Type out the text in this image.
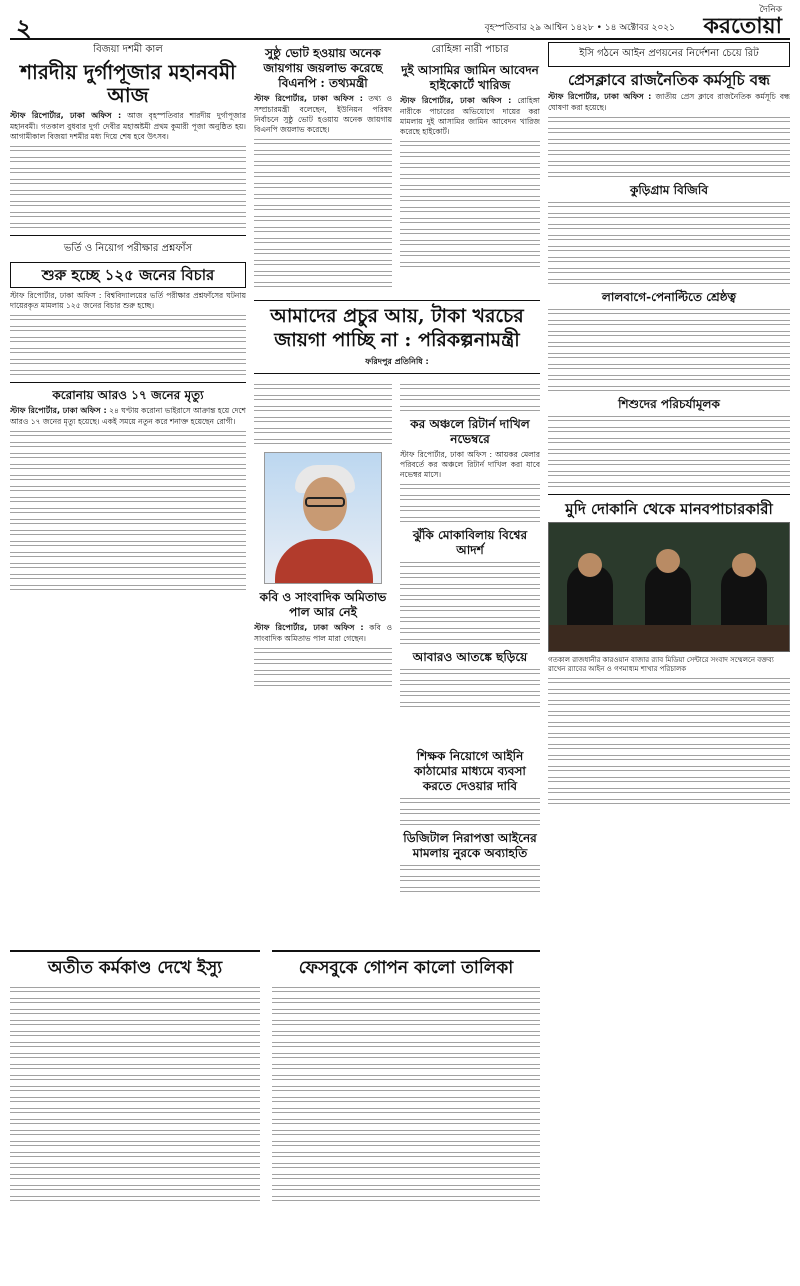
২	বৃহস্পতিবার ২৯ আশ্বিন ১৪২৮ • ১৪ অক্টোবর ২০২১
দৈনিক
করতোয়া
বিজয়া দশমী কাল
শারদীয় দুর্গাপূজার মহানবমী আজ
স্টাফ রিপোর্টার, ঢাকা অফিস : আজ বৃহস্পতিবার শারদীয় দুর্গাপূজার মহানবমী। গতকাল বুধবার দুর্গা দেবীর মহাঅষ্টমী প্রথম কুমারী পূজা অনুষ্ঠিত হয়। আগামীকাল বিজয়া দশমীর মধ্য দিয়ে শেষ হবে উৎসব।
ভর্তি ও নিয়োগ পরীক্ষার প্রশ্নফাঁস
শুরু হচ্ছে ১২৫ জনের বিচার
স্টাফ রিপোর্টার, ঢাকা অফিস : বিশ্ববিদ্যালয়ের ভর্তি পরীক্ষার প্রশ্নফাঁসের ঘটনায় দায়েরকৃত মামলায় ১২৫ জনের বিচার শুরু হচ্ছে।
করোনায় আরও ১৭ জনের মৃত্যু
স্টাফ রিপোর্টার, ঢাকা অফিস : ২৪ ঘণ্টায় করোনা ভাইরাসে আক্রান্ত হয়ে দেশে আরও ১৭ জনের মৃত্যু হয়েছে। একই সময়ে নতুন করে শনাক্ত হয়েছেন রোগী।
সুষ্ঠু ভোট হওয়ায় অনেক জায়গায় জয়লাভ করেছে বিএনপি : তথ্যমন্ত্রী
স্টাফ রিপোর্টার, ঢাকা অফিস : তথ্য ও সম্প্রচারমন্ত্রী বলেছেন, ইউনিয়ন পরিষদ নির্বাচনে সুষ্ঠু ভোট হওয়ায় অনেক জায়গায় বিএনপি জয়লাভ করেছে।
রোহিঙ্গা নারী পাচার
দুই আসামির জামিন আবেদন হাইকোর্টে খারিজ
স্টাফ রিপোর্টার, ঢাকা অফিস : রোহিঙ্গা নারীকে পাচারের অভিযোগে দায়ের করা মামলায় দুই আসামির জামিন আবেদন খারিজ করেছে হাইকোর্ট।
আমাদের প্রচুর আয়, টাকা খরচের জায়গা পাচ্ছি না : পরিকল্পনামন্ত্রী
ফরিদপুর প্রতিনিধি :
কবি ও সাংবাদিক অমিতাভ পাল আর নেই
স্টাফ রিপোর্টার, ঢাকা অফিস : কবি ও সাংবাদিক অমিতাভ পাল মারা গেছেন।
কর অঞ্চলে রিটার্ন দাখিল নভেম্বরে
স্টাফ রিপোর্টার, ঢাকা অফিস : আয়কর মেলার পরিবর্তে কর অঞ্চলে রিটার্ন দাখিল করা যাবে নভেম্বর মাসে।
ঝুঁকি মোকাবিলায় বিশ্বের আদর্শ
আবারও আতঙ্কে ছড়িয়ে
ইসি গঠনে আইন প্রণয়নের নির্দেশনা চেয়ে রিট
প্রেসক্লাবে রাজনৈতিক কর্মসূচি বন্ধ
স্টাফ রিপোর্টার, ঢাকা অফিস : জাতীয় প্রেস ক্লাবে রাজনৈতিক কর্মসূচি বন্ধ ঘোষণা করা হয়েছে।
কুড়িগ্রাম বিজিবি
লালবাগে-পেনাল্টিতে শ্রেষ্ঠত্ব
শিশুদের পরিচর্যামূলক
মুদি দোকানি থেকে মানবপাচারকারী
গতকাল রাজধানীর কারওয়ান বাজার র‌্যাব মিডিয়া সেন্টারে সংবাদ সম্মেলনে বক্তব্য রাখেন র‌্যাবের আইন ও গণমাধ্যম শাখার পরিচালক
শিক্ষক নিয়োগে আইনি কাঠামোর মাধ্যমে ব্যবসা করতে দেওয়ার দাবি
ডিজিটাল নিরাপত্তা আইনের মামলায় নুরকে অব্যাহতি
অতীত কর্মকাণ্ড দেখে ইস্যু	ফেসবুকে গোপন কালো তালিকা
